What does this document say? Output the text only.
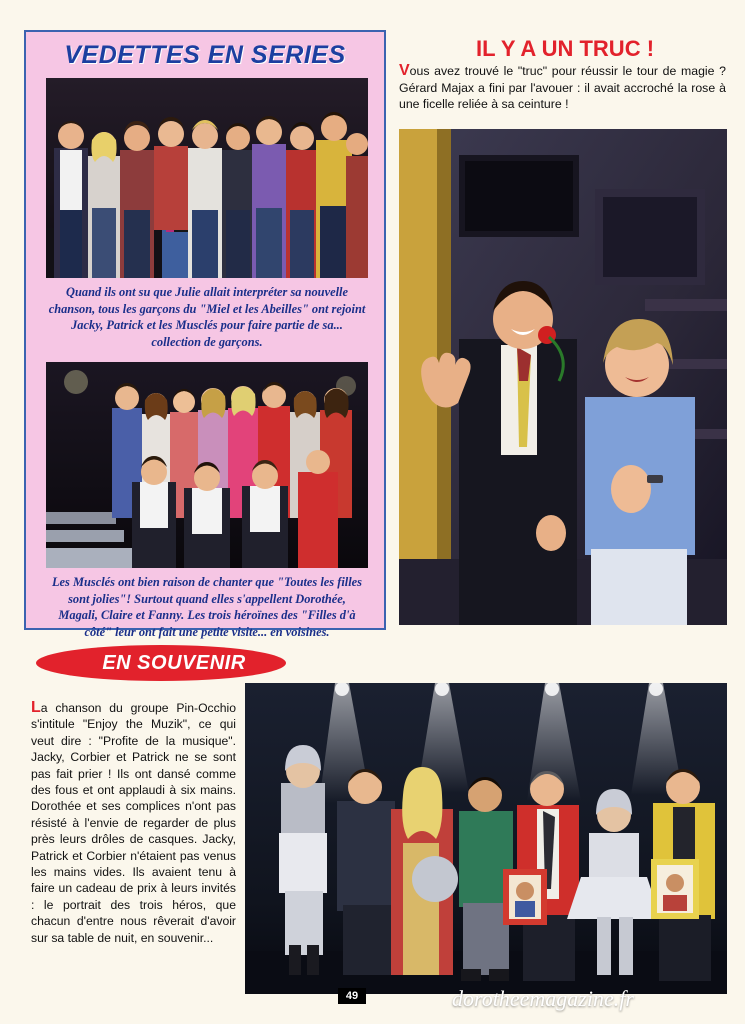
VEDETTES EN SERIES
Quand ils ont su que Julie allait interpréter sa nouvelle chanson, tous les garçons du "Miel et les Abeilles" ont rejoint Jacky, Patrick et les Musclés pour faire partie de sa... collection de garçons.
Les Musclés ont bien raison de chanter que "Toutes les filles sont jolies"! Surtout quand elles s'appellent Dorothée, Magali, Claire et Fanny. Les trois héroïnes des "Filles d'à côté" leur ont fait une petite visite... en voisines.
IL Y A UN TRUC !
Vous avez trouvé le "truc" pour réussir le tour de magie ? Gérard Majax a fini par l'avouer : il avait accroché la rose à une ficelle reliée à sa ceinture !
EN SOUVENIR
La chanson du groupe Pin-Occhio s'intitule "Enjoy the Muzik", ce qui veut dire : "Profite de la musique". Jacky, Corbier et Patrick ne se sont pas fait prier ! Ils ont dansé comme des fous et ont applaudi à six mains. Dorothée et ses complices n'ont pas résisté à l'envie de regarder de plus près leurs drôles de casques. Jacky, Patrick et Corbier n'étaient pas venus les mains vides. Ils avaient tenu à faire un cadeau de prix à leurs invités : le portrait des trois héros, que chacun d'entre nous rêverait d'avoir sur sa table de nuit, en souvenir...
49	dorotheemagazine.fr
